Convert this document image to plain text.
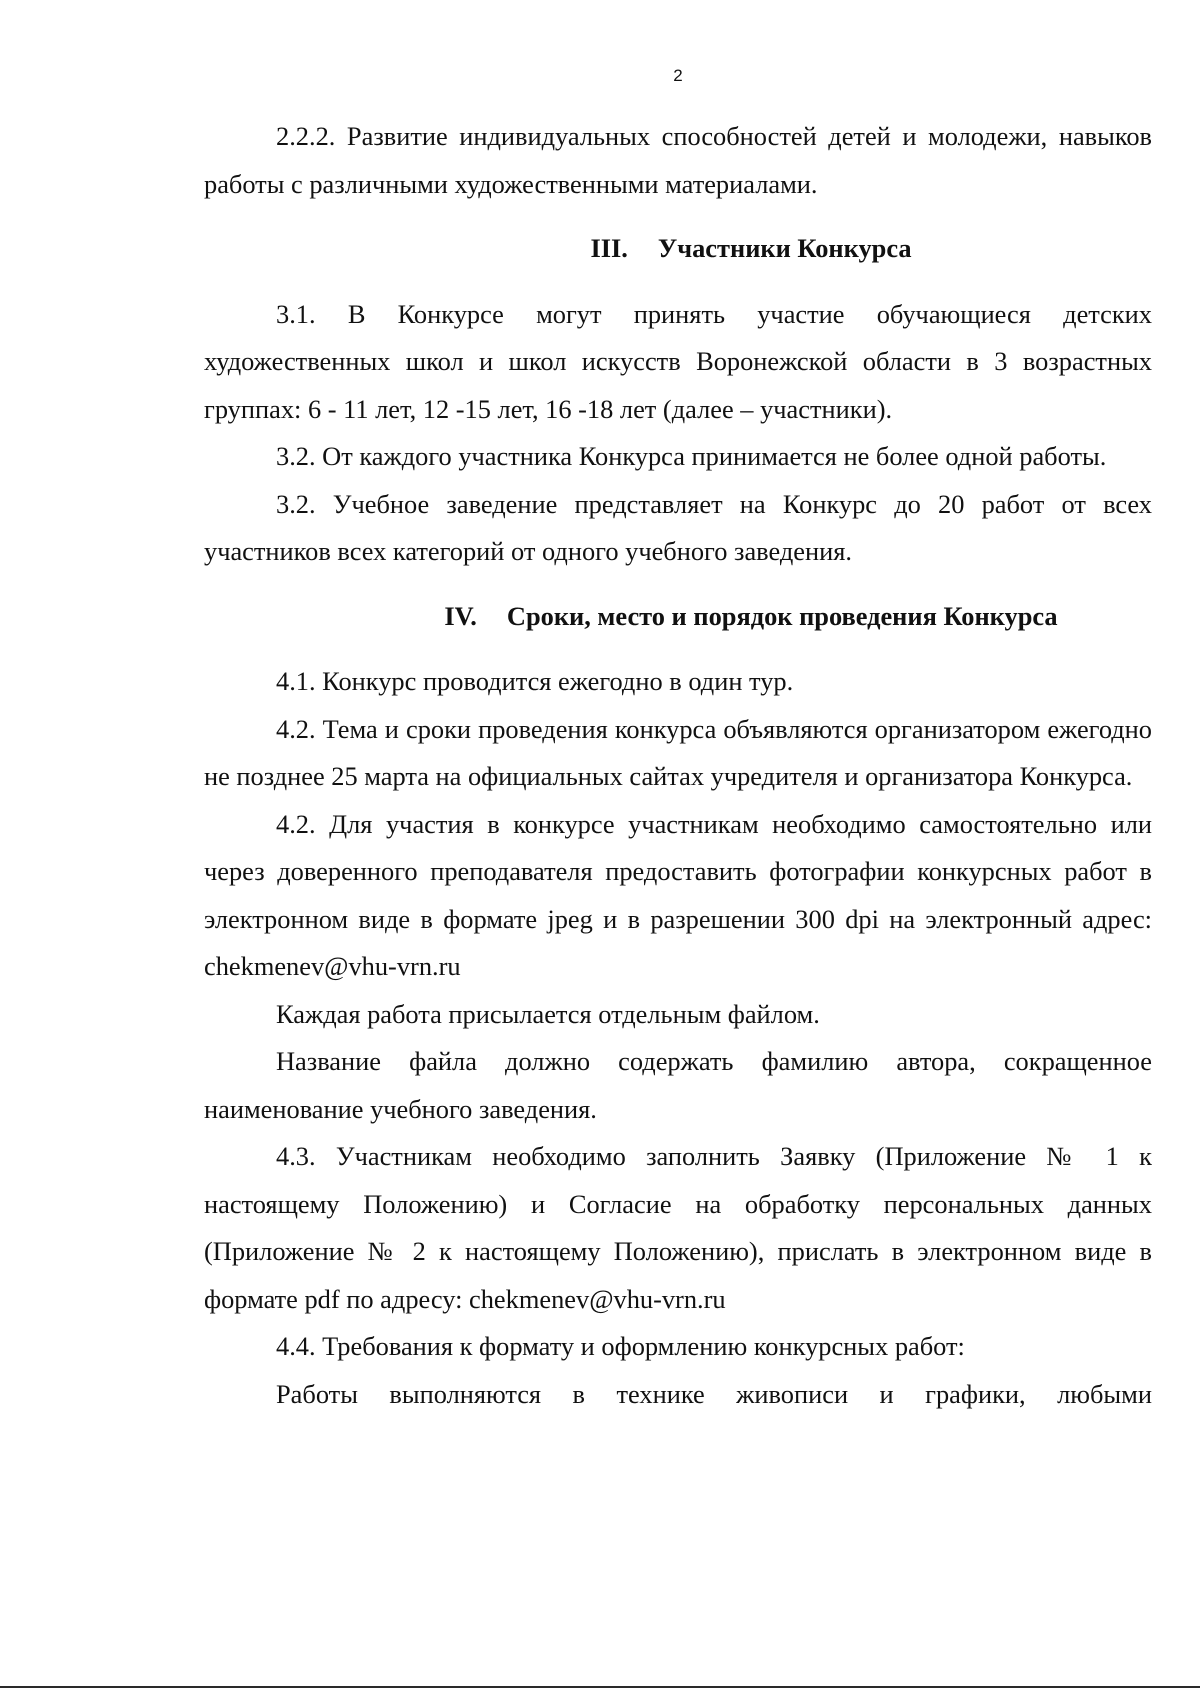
2

2.2.2. Развитие индивидуальных способностей детей и молодежи, навыков работы с различными художественными материалами.

III. Участники Конкурса

3.1. В Конкурсе могут принять участие обучающиеся детских художественных школ и школ искусств Воронежской области в 3 возрастных группах: 6 - 11 лет, 12 -15 лет, 16 -18 лет (далее – участники).

3.2. От каждого участника Конкурса принимается не более одной работы.

3.2. Учебное заведение представляет на Конкурс до 20 работ от всех участников всех категорий от одного учебного заведения.

IV. Сроки, место и порядок проведения Конкурса

4.1. Конкурс проводится ежегодно в один тур.

4.2. Тема и сроки проведения конкурса объявляются организатором ежегодно не позднее 25 марта на официальных сайтах учредителя и организатора Конкурса.

4.2. Для участия в конкурсе участникам необходимо самостоятельно или через доверенного преподавателя предоставить фотографии конкурсных работ в электронном виде в формате jpeg и в разрешении 300 dpi на электронный адрес: chekmenev@vhu-vrn.ru

Каждая работа присылается отдельным файлом.

Название файла должно содержать фамилию автора, сокращенное наименование учебного заведения.

4.3. Участникам необходимо заполнить Заявку (Приложение № 1 к настоящему Положению) и Согласие на обработку персональных данных (Приложение № 2 к настоящему Положению), прислать в электронном виде в формате pdf по адресу: chekmenev@vhu-vrn.ru

4.4. Требования к формату и оформлению конкурсных работ:

Работы выполняются в технике живописи и графики, любыми
